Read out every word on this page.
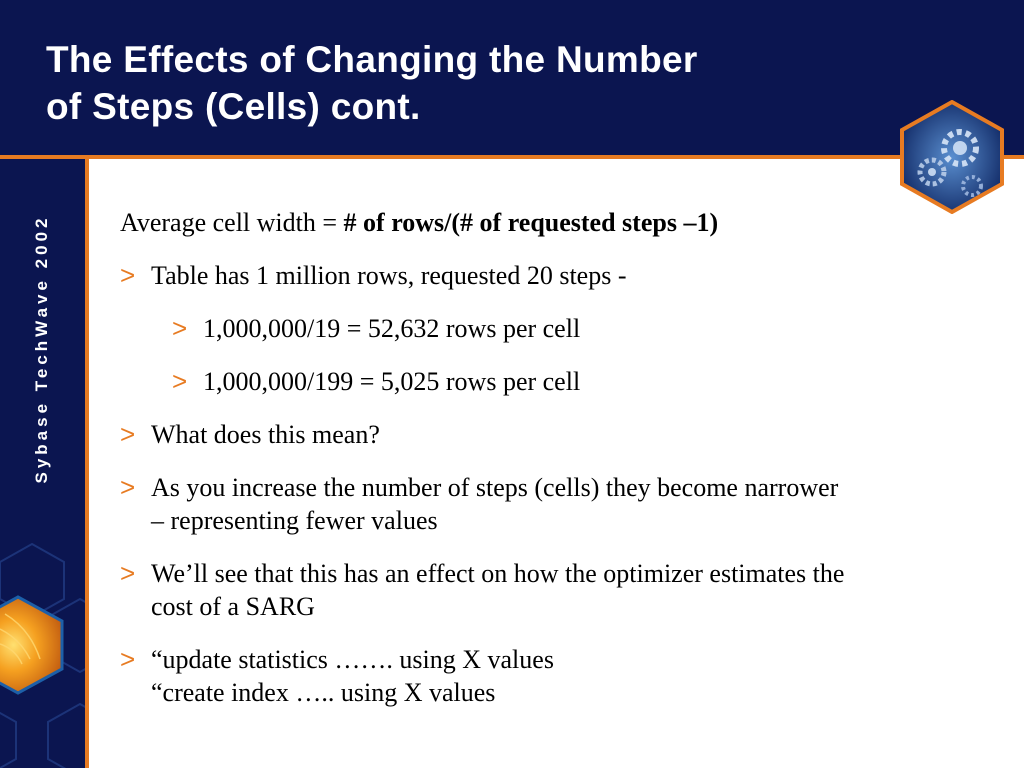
The Effects of Changing the Number
of Steps (Cells) cont.
Sybase TechWave 2002	Average cell width = # of rows/(# of requested steps –1)

> Table has 1 million rows, requested 20 steps -
> 1,000,000/19 = 52,632 rows per cell
> 1,000,000/199 = 5,025 rows per cell
> What does this mean?
> As you increase the number of steps (cells) they become narrower
– representing fewer values
> We’ll see that this has an effect on how the optimizer estimates the
cost of a SARG
> “update statistics ……. using X values
“create index ….. using X values
